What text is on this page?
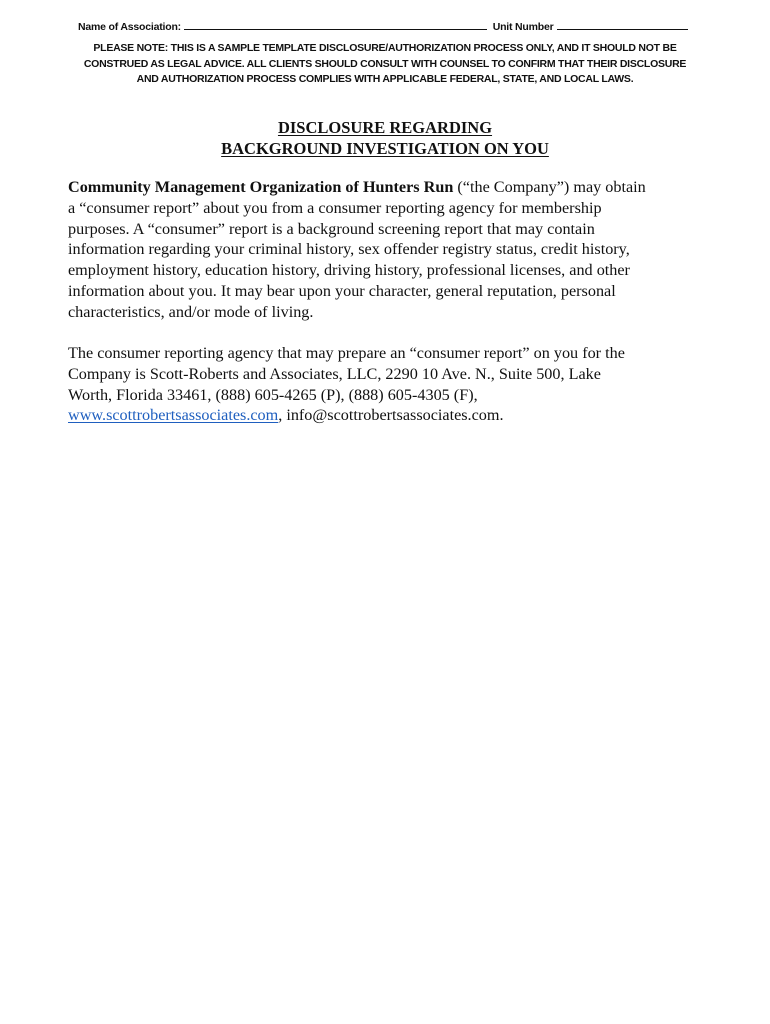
Name of Association:	Unit Number
PLEASE NOTE: THIS IS A SAMPLE TEMPLATE DISCLOSURE/AUTHORIZATION PROCESS ONLY, AND IT SHOULD NOT BE
CONSTRUED AS LEGAL ADVICE. ALL CLIENTS SHOULD CONSULT WITH COUNSEL TO CONFIRM THAT THEIR DISCLOSURE
AND AUTHORIZATION PROCESS COMPLIES WITH APPLICABLE FEDERAL, STATE, AND LOCAL LAWS.
DISCLOSURE REGARDING
BACKGROUND INVESTIGATION ON YOU
Community Management Organization of Hunters Run (“the Company”) may obtain
a “consumer report” about you from a consumer reporting agency for membership
purposes. A “consumer” report is a background screening report that may contain
information regarding your criminal history, sex offender registry status, credit history,
employment history, education history, driving history, professional licenses, and other
information about you. It may bear upon your character, general reputation, personal
characteristics, and/or mode of living.
The consumer reporting agency that may prepare an “consumer report” on you for the
Company is Scott-Roberts and Associates, LLC, 2290 10 Ave. N., Suite 500, Lake
Worth, Florida 33461, (888) 605-4265 (P), (888) 605-4305 (F),
www.scottrobertsassociates.com, info@scottrobertsassociates.com.
